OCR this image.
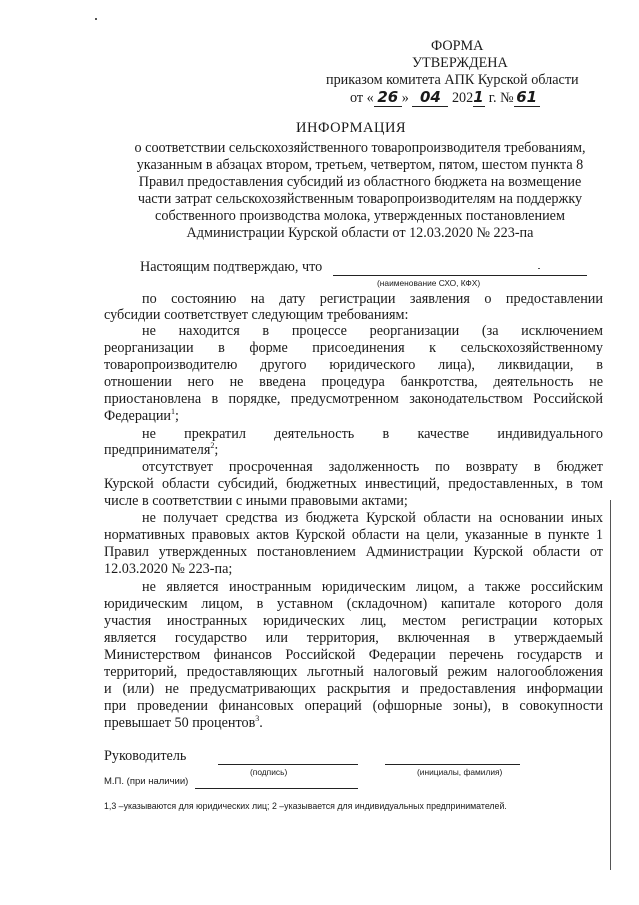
ФОРМА
УТВЕРЖДЕНА
приказом комитета АПК Курской области
от « 26 » 04 2021 г. № 61
ИНФОРМАЦИЯ
о соответствии сельскохозяйственного товаропроизводителя требованиям,
указанным в абзацах втором, третьем, четвертом, пятом, шестом пункта 8
Правил предоставления субсидий из областного бюджета на возмещение
части затрат сельскохозяйственным товаропроизводителям на поддержку
собственного производства молока, утвержденных постановлением
Администрации Курской области от 12.03.2020 № 223-па
Настоящим подтверждаю, что
(наименование СХО, КФХ)
по состоянию на дату регистрации заявления о предоставлении
субсидии соответствует следующим требованиям:
не находится в процессе реорганизации (за исключением
реорганизации в форме присоединения к сельскохозяйственному
товаропроизводителю другого юридического лица), ликвидации, в
отношении него не введена процедура банкротства, деятельность не
приостановлена в порядке, предусмотренном законодательством Российской
Федерации$^1$;
не прекратил деятельность в качестве индивидуального
предпринимателя$^2$;
отсутствует просроченная задолженность по возврату в бюджет
Курской области субсидий, бюджетных инвестиций, предоставленных, в том
числе в соответствии с иными правовыми актами;
не получает средства из бюджета Курской области на основании иных
нормативных правовых актов Курской области на цели, указанные в пункте 1
Правил утвержденных постановлением Администрации Курской области от
12.03.2020 № 223-па;
не является иностранным юридическим лицом, а также российским
юридическим лицом, в уставном (складочном) капитале которого доля
участия иностранных юридических лиц, местом регистрации которых
является государство или территория, включенная в утверждаемый
Министерством финансов Российской Федерации перечень государств и
территорий, предоставляющих льготный налоговый режим налогообложения
и (или) не предусматривающих раскрытия и предоставления информации
при проведении финансовых операций (офшорные зоны), в совокупности
превышает 50 процентов$^3$.
Руководитель
(подпись)	(инициалы, фамилия)
М.П. (при наличии)
1,3 –указываются для юридических лиц; 2 –указывается для индивидуальных предпринимателей.
